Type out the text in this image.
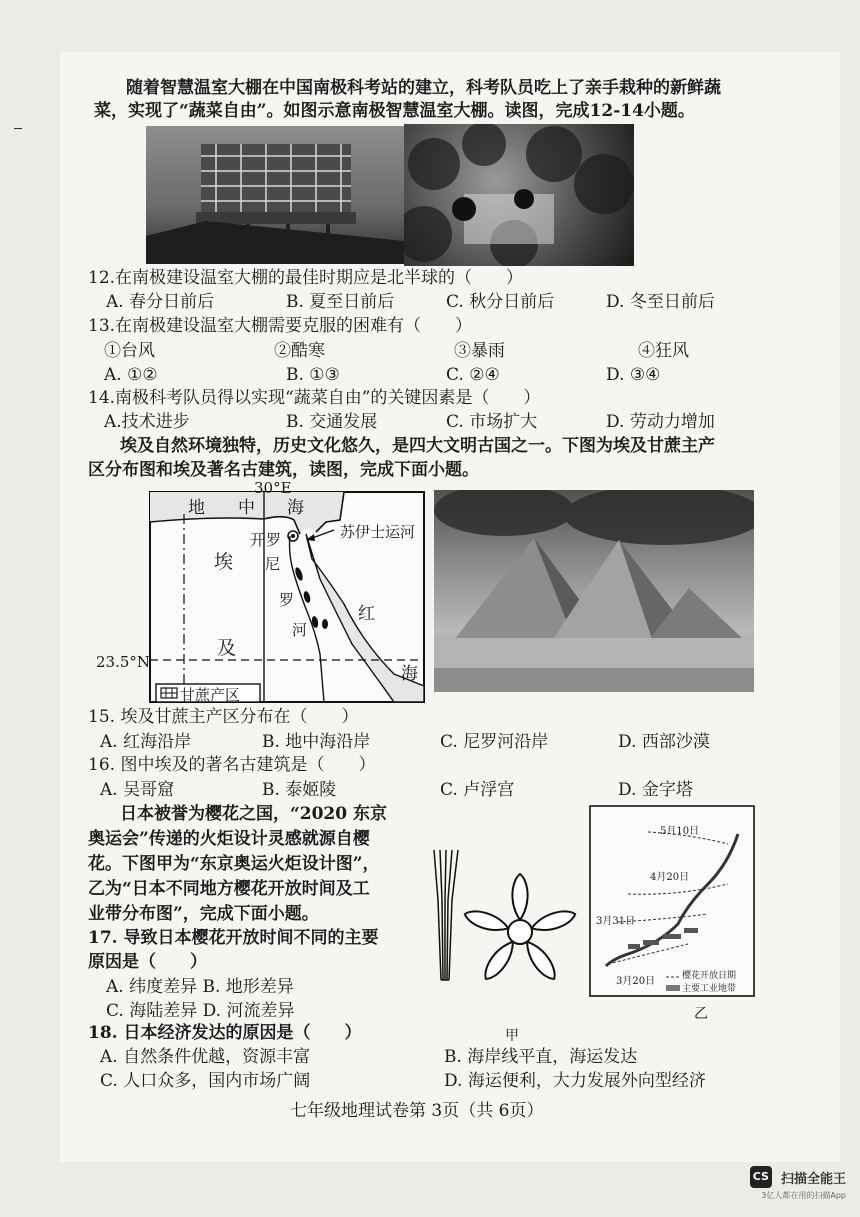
随着智慧温室大棚在中国南极科考站的建立，科考队员吃上了亲手栽种的新鲜蔬
菜，实现了“蔬菜自由”。如图示意南极智慧温室大棚。读图，完成12-14小题。
12.在南极建设温室大棚的最佳时期应是北半球的（　　）
A. 春分日前后	B. 夏至日前后	C. 秋分日前后	D. 冬至日前后
13.在南极建设温室大棚需要克服的困难有（　　）
①台风	②酷寒	③暴雨	④狂风
A. ①②	B. ①③	C. ②④	D. ③④
14.南极科考队员得以实现“蔬菜自由”的关键因素是（　　）
A.技术进步	B. 交通发展	C. 市场扩大	D. 劳动力增加
埃及自然环境独特，历史文化悠久，是四大文明古国之一。下图为埃及甘蔗主产
区分布图和埃及著名古建筑，读图，完成下面小题。
30°E
23.5°N
地 中 海
埃
及
开 罗
尼
罗
河
苏伊士运河
红
海
甘蔗产区
15. 埃及甘蔗主产区分布在（　　）
A. 红海沿岸	B. 地中海沿岸	C. 尼罗河沿岸	D. 西部沙漠
16. 图中埃及的著名古建筑是（　　）
A. 吴哥窟	B. 泰姬陵	C. 卢浮宫	D. 金字塔
日本被誉为樱花之国，“2020 东京
奥运会”传递的火炬设计灵感就源自樱
花。下图甲为“东京奥运火炬设计图”，
乙为“日本不同地方樱花开放时间及工
业带分布图”，完成下面小题。
甲
5月10日
4月20日
3月31日
3月20日	樱花开放日期
主要工业地带
乙
17. 导致日本樱花开放时间不同的主要
原因是（　　）
A. 纬度差异 B. 地形差异
C. 海陆差异 D. 河流差异
18. 日本经济发达的原因是（　　）
A. 自然条件优越，资源丰富	B. 海岸线平直，海运发达
C. 人口众多，国内市场广阔	D. 海运便利，大力发展外向型经济
七年级地理试卷第 3页（共 6页）
CS 扫描全能王
3亿人都在用的扫描App
